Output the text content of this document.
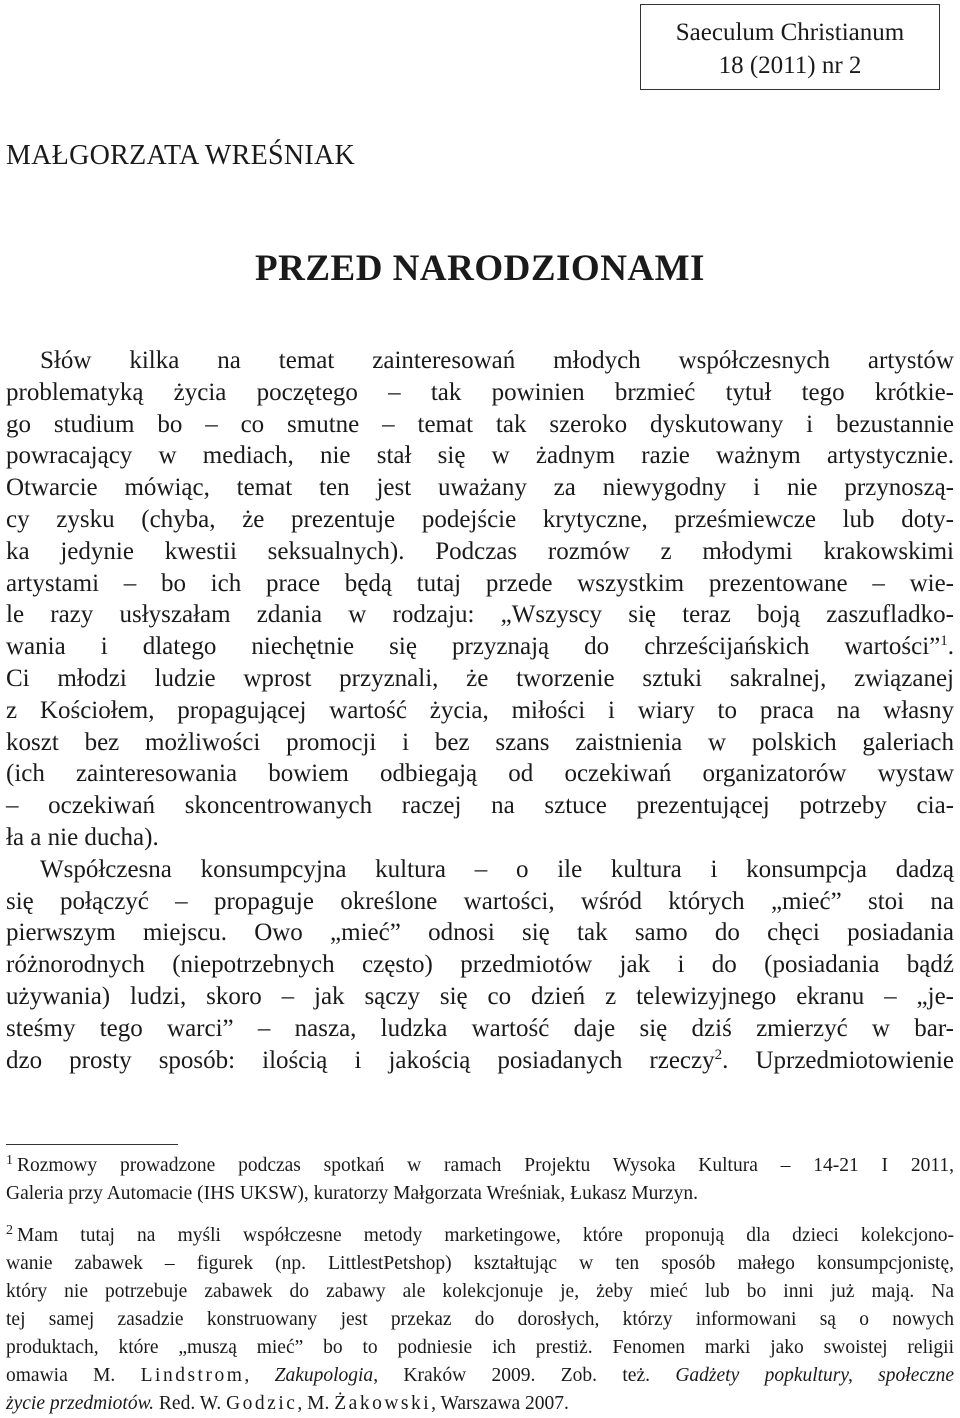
Saeculum Christianum
18 (2011) nr 2
MAŁGORZATA WREŚNIAK
PRZED NARODZIONAMI
Słów kilka na temat zainteresowań młodych współczesnych artystów
problematyką życia poczętego – tak powinien brzmieć tytuł tego krótkie-
go studium bo – co smutne – temat tak szeroko dyskutowany i bezustannie
powracający w mediach, nie stał się w żadnym razie ważnym artystycznie.
Otwarcie mówiąc, temat ten jest uważany za niewygodny i nie przynoszą-
cy zysku (chyba, że prezentuje podejście krytyczne, prześmiewcze lub doty-
ka jedynie kwestii seksualnych). Podczas rozmów z młodymi krakowskimi
artystami – bo ich prace będą tutaj przede wszystkim prezentowane – wie-
le razy usłyszałam zdania w rodzaju: „Wszyscy się teraz boją zaszufladko-
wania i dlatego niechętnie się przyznają do chrześcijańskich wartości”$^1$.
Ci młodzi ludzie wprost przyznali, że tworzenie sztuki sakralnej, związanej
z Kościołem, propagującej wartość życia, miłości i wiary to praca na własny
koszt bez możliwości promocji i bez szans zaistnienia w polskich galeriach
(ich zainteresowania bowiem odbiegają od oczekiwań organizatorów wystaw
– oczekiwań skoncentrowanych raczej na sztuce prezentującej potrzeby cia-
ła a nie ducha).
Współczesna konsumpcyjna kultura – o ile kultura i konsumpcja dadzą
się połączyć – propaguje określone wartości, wśród których „mieć” stoi na
pierwszym miejscu. Owo „mieć” odnosi się tak samo do chęci posiadania
różnorodnych (niepotrzebnych często) przedmiotów jak i do (posiadania bądź
używania) ludzi, skoro – jak sączy się co dzień z telewizyjnego ekranu – „je-
steśmy tego warci” – nasza, ludzka wartość daje się dziś zmierzyć w bar-
dzo prosty sposób: ilością i jakością posiadanych rzeczy$^2$. Uprzedmiotowienie
$^1$ Rozmowy prowadzone podczas spotkań w ramach Projektu Wysoka Kultura – 14-21 I 2011,
Galeria przy Automacie (IHS UKSW), kuratorzy Małgorzata Wreśniak, Łukasz Murzyn.
$^2$ Mam tutaj na myśli współczesne metody marketingowe, które proponują dla dzieci kolekcjono-
wanie zabawek – figurek (np. LittlestPetshop) kształtując w ten sposób małego konsumpcjonistę,
który nie potrzebuje zabawek do zabawy ale kolekcjonuje je, żeby mieć lub bo inni już mają. Na
tej samej zasadzie konstruowany jest przekaz do dorosłych, którzy informowani są o nowych
produktach, które „muszą mieć” bo to podniesie ich prestiż. Fenomen marki jako swoistej religii
omawia M. Lindstrom, Zakupologia, Kraków 2009. Zob. też. Gadżety popkultury, społeczne
życie przedmiotów. Red. W. Godzic, M. Żakowski, Warszawa 2007.
